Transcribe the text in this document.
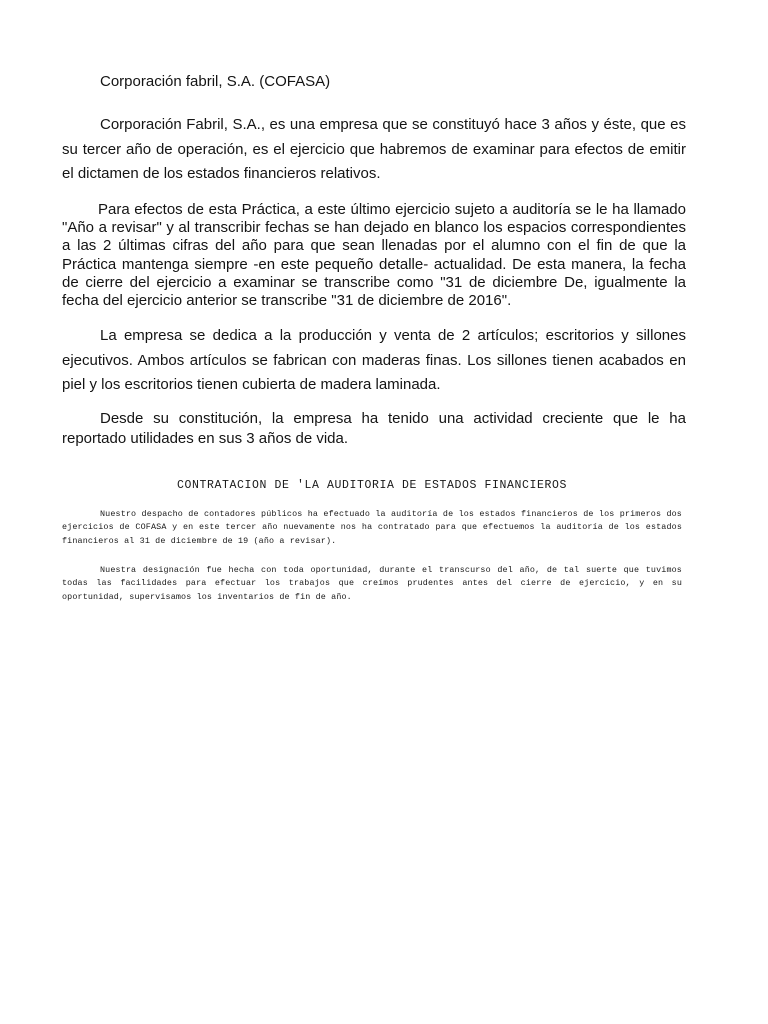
Corporación fabril, S.A. (COFASA)

Corporación Fabril, S.A., es una empresa que se constituyó hace 3 años y éste, que es su tercer año de operación, es el ejercicio que habremos de examinar para efectos de emitir el dictamen de los estados financieros relativos.

Para efectos de esta Práctica, a este último ejercicio sujeto a auditoría se le ha llamado "Año a revisar" y al transcribir fechas se han dejado en blanco los espacios correspondientes a las 2 últimas cifras del año para que sean llenadas por el alumno con el fin de que la Práctica mantenga siempre -en este pequeño detalle- actualidad. De esta manera, la fecha de cierre del ejercicio a examinar se transcribe como "31 de diciembre De, igualmente la fecha del ejercicio anterior se transcribe "31 de diciembre de 2016".

La empresa se dedica a la producción y venta de 2 artículos; escritorios y sillones ejecutivos. Ambos artículos se fabrican con maderas finas. Los sillones tienen acabados en piel y los escritorios tienen cubierta de madera laminada.

Desde su constitución, la empresa ha tenido una actividad creciente que le ha reportado utilidades en sus 3 años de vida.

CONTRATACION DE 'LA AUDITORIA DE ESTADOS FINANCIEROS

Nuestro despacho de contadores públicos ha efectuado la auditoría de los estados financieros de los primeros dos ejercicios de COFASA y en este tercer año nuevamente nos ha contratado para que efectuemos la auditoría de los estados financieros al 31 de diciembre de 19 (año a revisar).

Nuestra designación fue hecha con toda oportunidad, durante el transcurso del año, de tal suerte que tuvimos todas las facilidades para efectuar los trabajos que creímos prudentes antes del cierre de ejercicio, y en su oportunidad, supervisamos los inventarios de fin de año.
